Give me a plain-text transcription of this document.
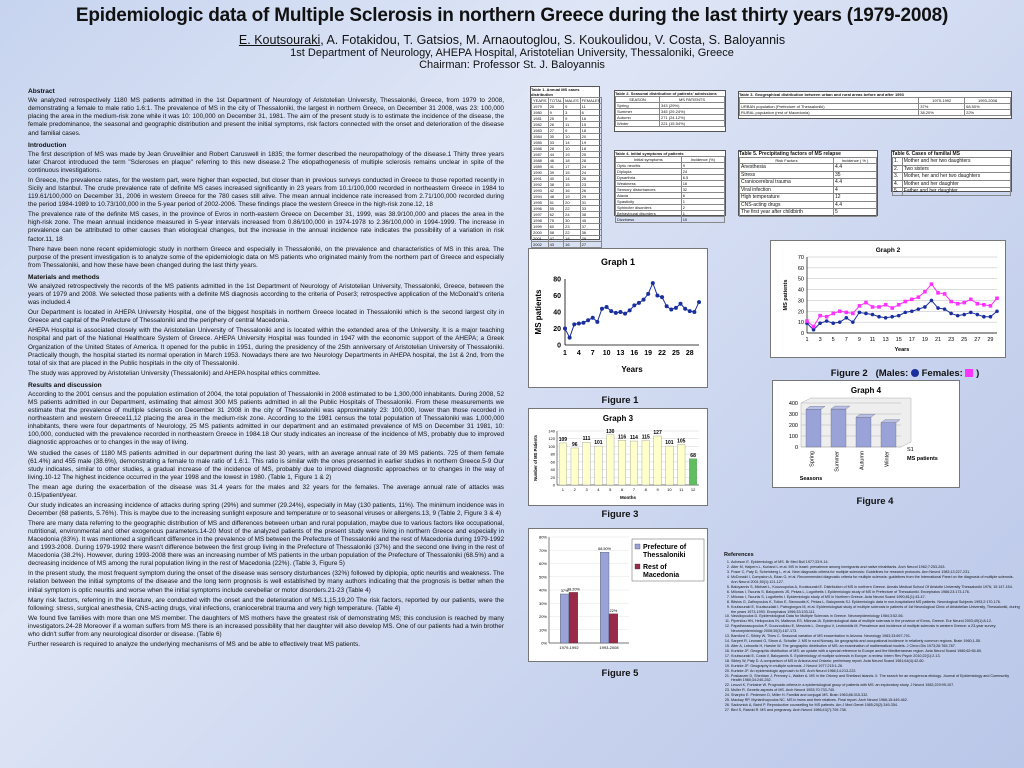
Epidemiologic data of Multiple Sclerosis in northern Greece during the last thirty years (1979-2008)
E. Koutsouraki, A. Fotakidou, T. Gatsios, M. Arnaoutoglou, S. Koukoulidou, V. Costa, S. Baloyannis
1st Department of Neurology, AHEPA Hospital, Aristotelian University, Thessaloniki, Greece
Chairman: Professor St. J. Baloyannis
Abstract

We analyzed retrospectively 1180 MS patients admitted in the 1st Department of Neurology of Aristotelian University, Thessaloniki, Greece, from 1979 to 2008, demonstrating a female to male ratio 1.6:1. The prevalence of MS in the city of Thessaloniki, the largest in northern Greece, on December 31 2008, was 23: 100,000 placing the area in the medium-risk zone while it was 10: 100,000 on December 31, 1981. The aim of the present study is to estimate the incidence of the disease, the female predominance, the seasonal and geographic distribution and present the initial symptoms, risk factors connected with the onset and deterioration of the disease and familial cases.

Introduction

The first description of MS was made by Jean Gruveilhier and Robert Caruswell in 1835; the former described the neuropathology of the disease.1 Thirty three years later Charcot introduced the term "Scleroses en plaque" referring to this new disease.2 The etiopathogenesis of multiple sclerosis remains unclear in spite of the continuous investigations.

In Greece, the prevalence rates, for the western part, were higher than expected, but closer than in previous surveys conducted in Greece to those reported recently in Sicily and Istanbul. The crude prevalence rate of definite MS cases increased significantly in 23 years from 10.1/100,000 recorded in northeastern Greece in 1984 to 119.61/100,000 on December 31, 2006 in western Greece for the 780 cases still alive. The mean annual incidence rate increased from 2.71/100,000 recorded during the period 1984-1989 to 10.73/100,000 in the 5-year period of 2002-2006. These findings place the western Greece in the high-risk zone.12, 18

The prevalence rate of the definite MS cases, in the province of Evros in north-eastern Greece on December 31, 1999, was 38.9/100,000 and places the area in the high-risk zone. The mean annual incidence measured in 5-year intervals increased from 0.86/100,000 in 1974-1978 to 2.36/100,000 in 1994-1999. The increase in prevalence can be attributed to other causes than etiological changes, but the increase in the annual incidence rate indicates the possibility of a variation in risk factor.11, 18

There have been none recent epidemiologic study in northern Greece and especially in Thessaloniki, on the prevalence and characteristics of MS in this area. The purpose of the present investigation is to analyze some of the epidemiologic data on MS patients who originated mainly from the northern part of Greece and especially from Thessaloniki, and how these have been changed during the last thirty years.

Materials and methods

We analyzed retrospectively the records of the MS patients admitted in the 1st Department of Neurology of Aristotelian University, Thessaloniki, Greece, between the years of 1979 and 2008. We selected those patients with a definite MS diagnosis according to the criteria of Poser3; retrospective application of the McDonald's criteria was included.4

Our Department is located in AHEPA University Hospital, one of the biggest hospitals in northern Greece located in Thessaloniki which is the second largest city in Greece and capital of the Prefecture of Thessaloniki and the periphery of central Macedonia.

AHEPA Hospital is associated closely with the Aristotelian University of Thessaloniki and is located within the extended area of the University. It is a major teaching hospital and part of the National Healthcare System of Greece. AHEPA University Hospital was founded in 1947 with the economic support of the AHEPA; a Greek Organization of the United States of America. It opened for the public in 1951, during the presidency of the 25th anniversary of Aristotelian University of Thessaloniki. Practically though, the hospital started its normal operation in March 1953. Nowadays there are two Neurology Departments in AHEPA hospital, the 1st & 2nd, from the total of six that are placed in the Public hospitals in the city of Thessaloniki.

The study was approved by Aristotelian University (Thessaloniki) and AHEPA hospital ethics committee.

Results and discussion

According to the 2001 census and the population estimation of 2004, the total population of Thessaloniki in 2008 estimated to be 1,300,000 inhabitants. During 2008, 52 MS patients admitted in our Department, estimating that almost 300 MS patients admitted in all the Public Hospitals of Thessaloniki. From these measurements we estimate that the prevalence of multiple sclerosis on December 31 2008 in the city of Thessaloniki was approximately 23: 100,000, lower than those recorded in northeastern and western Greece11,12 placing the area in the medium-risk zone. According to the 1981 census the total population of Thessaloniki was 1,000,000 inhabitants, there were four departments of Neurology, 25 MS patients admitted in our department and an estimated prevalence of MS on December 31 1981, 10: 100,000, conducted with the prevalence recorded in northeastern Greece in 1984.18 Our study indicates an increase of the incidence of MS, probably due to improved diagnostic approaches or to changes in the way of living.

We studied the cases of 1180 MS patients admitted in our department during the last 30 years, with an average annual rate of 39 MS patients. 725 of them female (61.4%) and 455 male (38.6%), demonstrating a female to male ratio of 1.6:1. This ratio is similar with the ones presented in earlier studies in northern Greece.5-9 Our study indicates, similar to other studies, a gradual increase of the incidence of MS, probably due to improved diagnostic approaches or to changes in the way of living.10-12 The highest incidence occurred in the year 1998 and the lowest in 1980. (Table 1, Figure 1 & 2)

The mean age during the exacerbation of the disease was 31.4 years for the males and 32 years for the females. The average annual rate of attacks was 0.15/patient/year.

Our study indicates an increasing incidence of attacks during spring (29%) and summer (29.24%), especially in May (130 patients, 11%). The minimum incidence was in December (68 patients, 5.76%). This is maybe due to the increasing sunlight exposure and temperature or to seasonal viruses or allergens.13, 9 (Table 2, Figure 3 & 4)

There are many data referring to the geographic distribution of MS and differences between urban and rural population, maybe due to various factors like occupational, nutritional, environmental and other exogenous parameters.14-20 Most of the analyzed patients of the present study were living in northern Greece and especially in Macedonia (83%). It was mentioned a significant difference in the prevalence of MS between the Prefecture of Thessaloniki and the rest of Macedonia during 1979-1992 and 1993-2008. During 1979-1992 there wasn't difference between the first group living in the Prefecture of Thessaloniki (37%) and the second one living in the rest of Macedonia (38.2%). However, during 1993-2008 there was an increasing number of MS patients in the urban population of the Prefecture of Thessaloniki (68.5%) and a decreasing incidence of MS among the rural population living in the rest of Macedonia (22%). (Table 3, Figure 5)

In the present study, the most frequent symptom during the onset of the disease was sensory disturbances (32%) followed by diplopia, optic neuritis and weakness. The relation between the initial symptoms of the disease and the long term prognosis is well established by many authors indicating that the prognosis is better when the initial symptom is optic neuritis and worse when the initial symptoms include cerebellar or motor disorders.21-23 (Table 4)

Many risk factors, referring in the literature, are conducted with the onset and the deterioration of MS.1,15,19,20 The risk factors, reported by our patients, were the following: stress, surgical anesthesia, CNS-acting drugs, viral infections, craniocerebral trauma and very high temperature. (Table 4)

We found five families with more than one MS member. The daughters of MS mothers have the greatest risk of demonstrating MS; this conclusion is reached by many investigators.24-28 Moreover if a woman suffers from MS there is an increased possibility that her daughter will also develop MS. One of our patients had a twin brother who didn't suffer from any neurological disorder or disease. (Table 6)

Further research is required to analyze the underlying mechanisms of MS and be able to effectively treat MS patients.

Table 1. Annual MS cases distribution
YEARS	TOTAL	MALES	FEMALES
1979	20	9	11
1980	9	3	6
1981	25	9	16
1982	26	11	15
1983	27	9	18
1984	30	10	20
1985	33	14	19
1986	28	10	18
1987	44	19	25
1988	46	18	28
1989	41	17	24
1990	39	15	24
1991	40	14	26
1992	38	15	23
1993	42	16	26
1994	48	19	29
1995	51	20	31
1996	55	22	33
1997	62	24	38
1998	75	30	45
1999	60	23	37
2000	58	22	36
2001	47	18	29
2002	43	16	27

Table 2. Seasonal distribution of patients' admissions
SEASON	MS PATIENTS
Spring	343 (29%)
Summer	345 (29.24%)
Autumn	271 (24.12%)
Winter	221 (15.54%)
Table 3. Geographical distribution between urban and rural areas before and after 1993
	1979-1992	1993-2008
URBAN population (Prefecture of Thessaloniki)	37%	68.50%
RURAL population (rest of Macedonia)	38.20%	22%
Table 4. Initial symptoms of patients
Initial symptoms	Incidence (%)
Optic neuritis	9
Diplopia	24
Dysarthria	6.5
Weakness	16
Sensory disturbances	32
Ataxia	6
Spasticity	1
Sphincter disorders	2
Behavioural disorders	1
Dizziness	10
Table 5. Precipitating factors of MS relapse
Risk Factors	Incidence ( % )
Anesthesia	4.4
Stress	35
Craniocerebral trauma	4.4
Viral infection	4
High temperature	12
CNS-acting drugs	4.4
The first year after childbirth	5
Table 6. Cases of familial MS
1.	Mother and her two daughters
2.	Two sisters
3.	Mother, her and her two daughters
4.	Mother and her daughter
5.	Father and her daughter
Graph 1
0
20
40
60
80
1 4 7 10 13 16 19 22 25 28
Years
MS patients
Figure 1
Graph 2
0
10
20
30
40
50
60
70
1 3 5 7 9 11 13 15 17 19 21 23 25 27 29
Years
MS patients
Figure 2 (Males: Females: )
Graph 3
0
20
40
60
80
100
120
140
109
1
96
2
111
3
101
4
130
5
116
6
114
7
115
8
127
9
101
10
105
11
68
12
Months
Number of MS Patients
Figure 3
Graph 4
0
100
200
300
400
Spring	Summer	Autumn	Winter
S1
MS patients
Seasons
Figure 4
0%
10%
20%
30%
40%
50%
60%
70%
80%
37%
38.20%
1979-1992
68.50%
22%
1993-2008
Prefecture of Thessaloniki
Rest of Macedonia
Figure 5
References
1. Acheson E. Epidemiology of MS. Br Med Bull 1977;33:9-14.
2. Alter M, Halpern L, Kurland L et al. MS in Israel: prevalence among immigrants and native inhabitants. Arch Neurol 1962;7:253-263.
3. Poser C, Paty D, Scheinberg L, et al. New diagnostic criteria for multiple sclerosis: Guidelines for research protocols. Ann Neurol 1983;13:227-231.
4. McDonald I, Compston A, Edan G, et al. Recommended diagnostic criteria for multiple sclerosis: guidelines from the International Panel on the diagnosis of multiple sclerosis. Ann Neurol 2001;50(1):121-127.
5. Baloyannis S, Michael L, Kouzoupolus A, Koutsouraki E. Distribution of MS in northern Greece. Annals Medical School Of Aristotle University Thessaloniki 1976; 10:147-154.
6. Milonas I, Tsounis S, Baloyannis JS, Pekas L, Logothetis I. Epidemiologic study of MS in Prefecture of Thessaloniki. Encephalos 1986;23:173-176.
7. Milonas I, Tsounis S, Logothetis I. Epidemiologic study of MS in Northern Greece. Acta Neurol Scand 1990;81(1):43-47.
8. Bitsios G, Zafiropoulos K, Tolios E, Sismoudis K, Pekas L, Baloyannis SJ. Epidemiologic data in non-hospitalized MS patients. Neurological Subjects 1993;2:170-176.
9. Koutsouraki E, Koutsoudaki I, Patrogiorgos M, et al. Epidemiological study of multiple sclerosis in patients of 1st Neurological Clinic of Aristotelian University, Thessaloniki, during the years 1973-1993. Encephalos 1996;33:103-111.
10. Vassilopoulos D. Epidemiological Data for Multiple Sclerosis in Greece. Neuroepidemiology 1984;3:52-56.
11. Piperidou HN, Heliopoulos IN, Maltezos ES, Milonas IA. Epidemiological data of multiple sclerosis in the province of Evros, Greece. Eur Neurol 2003;49(1):8-12.
12. Papathanasopoulos P, Gourzoulidou E, Messinis L, Georgiou V, Leotsinidis M. Prevalence and incidence of multiple sclerosis in western Greece: a 23-year survey. Neuroepidemiology 2008;30(3):167-173.
13. Bamford C, Sibley W, Thies C. Seasonal variation of MS exacerbation in Arizona. Neurology 1983;33:697-701.
14. Sarpert R, Leonard G, Strom A, Schaller J. MS in rural Norway. An geographic and occupational incidence in relatively common regions. Brain 1960;1-55.
15. Alter A, Lebowitz H, Harshe W. The geographic distribution of MS: an examination of mathematical models. J Chron Dis 1973;26:765-787.
16. Kurtzke JF. Geographic distribution of MS: an update with a special reference to Europe and the Mediterranean region. Acta Neurol Scand 1980;62:65-80.
17. Koutsouraki E, Costa V, Baloyannis S. Epidemiology of multiple sclerosis in Europe: a review. Intern Rev Psych 2010;22(1):2-13.
18. Sibley W, Paty D. A comparison of MS in Arizona and Ontario: preliminary report. Acta Neurol Scand 1981;64(4):42-60.
19. Kurtzke JF. Geography in multiple sclerosis. J Neurol 1977;215:1-26.
20. Kurtzke JF. An epidemiologic approach to MS. Arch Neurol 1966;14:213-222.
21. Poskanzer D, Sheridan J, Prenney L, Walker A. MS in the Orkney and Shetland Islands. II. The search for an exogenous etiology. Journal of Epidemiology and Community Health 1980;34:240-252.
22. Leuzzi K, Fontaine W. Prognostic criteria in a epidemiological group of patients with MS: an exploratory study. J Neurol 1982;229:99-107.
23. Muller R. Genetic aspects of MS. Arch Neurol 1953;70:733-740.
24. Sharpiro E. Pedersen D, Miller H. Familial and conjugal MS. Brain 1963;86:315-332.
25. Mackay RP, Myrianthopoulos NC. MS in twins and their relatives. Final report. Arch Neurol 1966;15:449-462.
26. Sadovnick A, Baird P. Reproductive counselling for MS patients. Am J Med Genet 1985;20(2):349-354.
27. Bird S, Rashid R. MS and pregnancy. Arch Neurol 1986;43(7):709-738.
